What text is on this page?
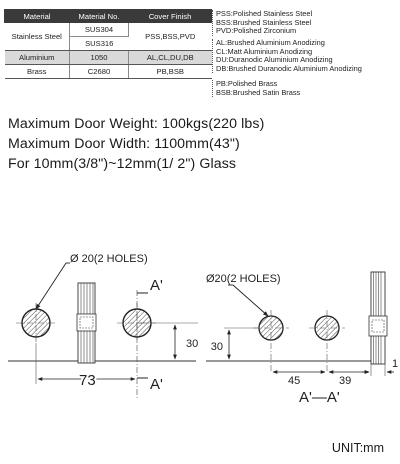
Material	Material No.	Cover Finish
Stainless Steel	SUS304	PSS,BSS,PVD
	SUS316	
Aluminium	1050	AL,CL,DU,DB
Brass	C2680	PB,BSB
PSS:Polished Stainless Steel
BSS:Brushed Stainless Steel
PVD:Polished Zirconium
AL:Brushed Aluminium Anodizing
CL:Matt Aluminium Anodizing
DU:Duranodic Aluminium Anodizing
DB:Brushed Duranodic Aluminium Anodizing
PB:Polished Brass
BSB:Brushed Satin Brass
Maximum Door Weight: 100kgs(220 lbs)
Maximum Door Width: 1100mm(43")
For 10mm(3/8")~12mm(1/ 2") Glass
Ø 20(2 HOLES)
A'
A'
30
73
Ø20(2 HOLES)
30
45	39
1
A'—A'
UNIT:mm
